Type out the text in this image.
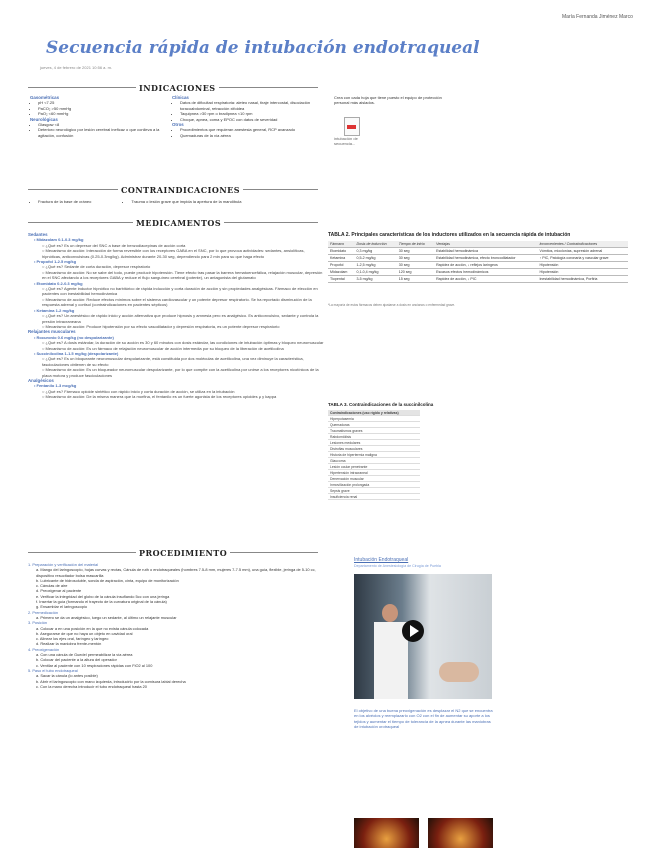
María Fernanda Jiménez Marco
Secuencia rápida de intubación endotraqueal
jueves, 4 de febrero de 2021 10:56 a. m.
INDICACIONES
Gasométricas
• pH <7.25
• PaCO₂ >50 mmHg
• PaO₂ <60 mmHg
Neurológicas
• Glasgow <8
• Deterioro neurológico por lesión cerebral ineficaz o que conlleva a la agitación, confusión
Clínicas
• Datos de dificultad respiratoria: aleteo nasal, tiraje intercostal, disociación toracoabdominal, retracción xifoidea
• Taquipnea >30 rpm o bradipnea <10 rpm
• Choque, apnea, coma y EPOC con datos de severidad
Otros
• Procedimientos que requieran anestesia general, RCP avanzado
• Quemaduras de la vía aérea
Crea con cada hoja que tiene puesto el equipo de protección personal más aislados.
intubación de secuencia...
CONTRAINDICACIONES
• Fractura de la base de cráneo	• Trauma o lesión grave que impida la apertura de la mandíbula
MEDICAMENTOS
Sedantes
• Midazolam 0.1-0.3 mg/kg
○ ¿Qué es? Es un depresor del SNC a base de benzodiacepinas de acción corta
○ Mecanismo de acción: Interacción de forma reversible con los receptores GABA en el SNC, por lo que provoca actividades: sedantes, ansiolíticas, hipnóticas, anticonvulsivas (0.25-0.3mg/kg). Administrar durante 20-30 seg, dependiendo para 2 min para su que haga efecto
• Propofol 1-2.5 mg/kg
○ ¿Qué es? Sedante de corta duración, depresor respiratorio
○ Mecanismo de acción: No se sabe del todo, puede producir hipotensión. Tiene efecto tras pasar la barrera hematoencefálica, relajación muscular, depresión en el SNC afectando a los receptores GABA y reduce el flujo sanguíneo cerebral (potente), un antagonista del glutamato
• Etomidato 0.2-0.3 mg/kg
○ ¿Qué es? Agente inductor hipnótico no barbitúrico de rápida inducción y corta duración de acción y sin propiedades analgésicas. Fármaco de elección en pacientes con inestabilidad hemodinámica
○ Mecanismo de acción: Reduce efectos mínimos sobre el sistema cardiovascular y un potente depresor respiratorio. Se ha reportado disminución de la respuesta adrenal y cortisol (contraindicaciones en pacientes sépticos)
• Ketamina 1-2 mg/kg
○ ¿Qué es? Un anestésico de rápido inicio y acción alternativa que produce hipnosis y amnesia pero es analgésico. Es anticonvulsivo, sedante y controla la presión intracraneana
○ Mecanismo de acción: Produce hipotensión por su efecto vasodilatador y depresión respiratoria, es un potente depresor respiratorio
Relajantes musculares
• Rocuronio 0.6 mg/kg (no despolarizante)
○ ¿Qué es? A dosis estándar, la duración de su acción es 30 y 60 minutos con dosis estándar, las condiciones de intubación óptimas y bloqueo neuromuscular
○ Mecanismo de acción: Es un fármaco de relajación neuromuscular de acción intermedia por su bloqueo de la liberación de acetilcolina
• Succinilcolina 1-1.5 mg/kg (despolarizante)
○ ¿Qué es? Es un bloqueante neuromuscular despolarizante, está constituida por dos moléculas de acetilcolina, una vez diminuye la característica, fasciculaciones obtienen de su efecto
○ Mecanismo de acción: Es un bloqueador neuromuscular despolarizante, por lo que compite con la acetilcolina por unirse a los receptores nicotínicos de la placa motora y produce fasciculaciones
Analgésicos
• Fentanilo 1-3 mcg/kg
○ ¿Qué es? Fármaco opioide sintético con rápido inicio y corta duración de acción, se utiliza en la intubación
○ Mecanismo de acción: De la misma manera que la morfina, el fentanilo es un fuerte agonista de los receptores opioides μ y kappa
PROCEDIMIENTO
1. Preparación y verificación del material
a. Mango del laringoscopio, hojas curvas y rectas, Cánula de ruth o endotraqueales (hombres 7.5-8 mm, mujeres 7-7.5 mm), una guía, flexible, jeringa de 5-10 cc, dispositivo resucitador bolsa mascarilla
b. Lubricante de hidrosoluble, sonda de aspiración, cinta, equipo de monitorización
c. Cánulas de aire
d. Preoxigenar al paciente
e. Verificar la integridad del globo de la cánula insuflando 5cc con una jeringa
f. Insertar la guía (formando el trayecto de la curvatura original de la cánula)
g. Ensamblar el laringoscopio
2. Premedicación
a. Primero se da un analgésico, luego un sedante, al último un relajante muscular
3. Posición
a. Colocar a en una posición en la que no exista cánula colocada
b. Asegurarse de que no haya un objeto en cavidad oral
c. Alinear los ejes oral, faríngeo y laríngeo
d. Realizar la maniobra frente-mentón
4. Preoxigenación
a. Con una cánula de Guedel permeabilizar la vía aérea
b. Colocar del paciente a la altura del operador
c. Ventilar al paciente con 10 respiraciones rápidas con FiO2 al 100
5. Paso el tubo endotraqueal
a. Sacar la cánula (lo antes posible)
b. Abrir el laringoscopio con mano izquierda, introducirlo por la comisura labial derecha
c. Con la mano derecha introducir el tubo endotraqueal hasta 20
TABLA 2. Principales características de los inductores utilizados en la secuencia rápida de intubación
Fármaco	Dosis de inducción	Tiempo de inicio	Ventajas	Inconvenientes / Contraindicaciones
Etomidato	0,3 mg/kg	30 seg	Estabilidad hemodinámica	Vómitos, mioclonías, supresión adrenal
Ketamina	0,5-2 mg/kg	30 seg	Estabilidad hemodinámica, efecto broncodilatador	↑ PIC, Patología coronaria y vascular grave
Propofol	1-2,5 mg/kg	30 seg	Rapidez de acción, ↓ reflejos laríngeos	Hipotensión
Midazolam	0,1-0,4 mg/kg	120 seg	Escasos efectos hemodinámicos	Hipotensión
Tiopental	3-5 mg/kg	15 seg	Rapidez de acción, ↓ PIC	Inestabilidad hemodinámica, Porfiria
*La mayoría de estos fármacos deben ajustarse a dosis en ancianos o enfermedad grave.
TABLA 3. Contraindicaciones de la succinilcolina
Contraindicaciones (uso rígido y relativas)
Hiperpotasemia
Quemaduras
Traumatismos graves
Rabdomiólisis
Lesiones medulares
Distrofias musculares
Historia de hipertermia maligna
Glaucoma
Lesión ocular penetrante
Hipertensión intracraneal
Denervación muscular
Inmovilización prolongada
Sepsis grave
Insuficiencia renal
Intubación Endotraqueal
Departamento de Anestesiología de Cirugía de Puebla
El objetivo de una buena preoxigenación es desplazar el N2 que se encuentra en los alvéolos y reemplazarlo con O2 con el fin de aumentar su aporte a los tejidos y aumentar el tiempo de tolerancia de la apnea durante las maniobras de intubación orotraqueal
